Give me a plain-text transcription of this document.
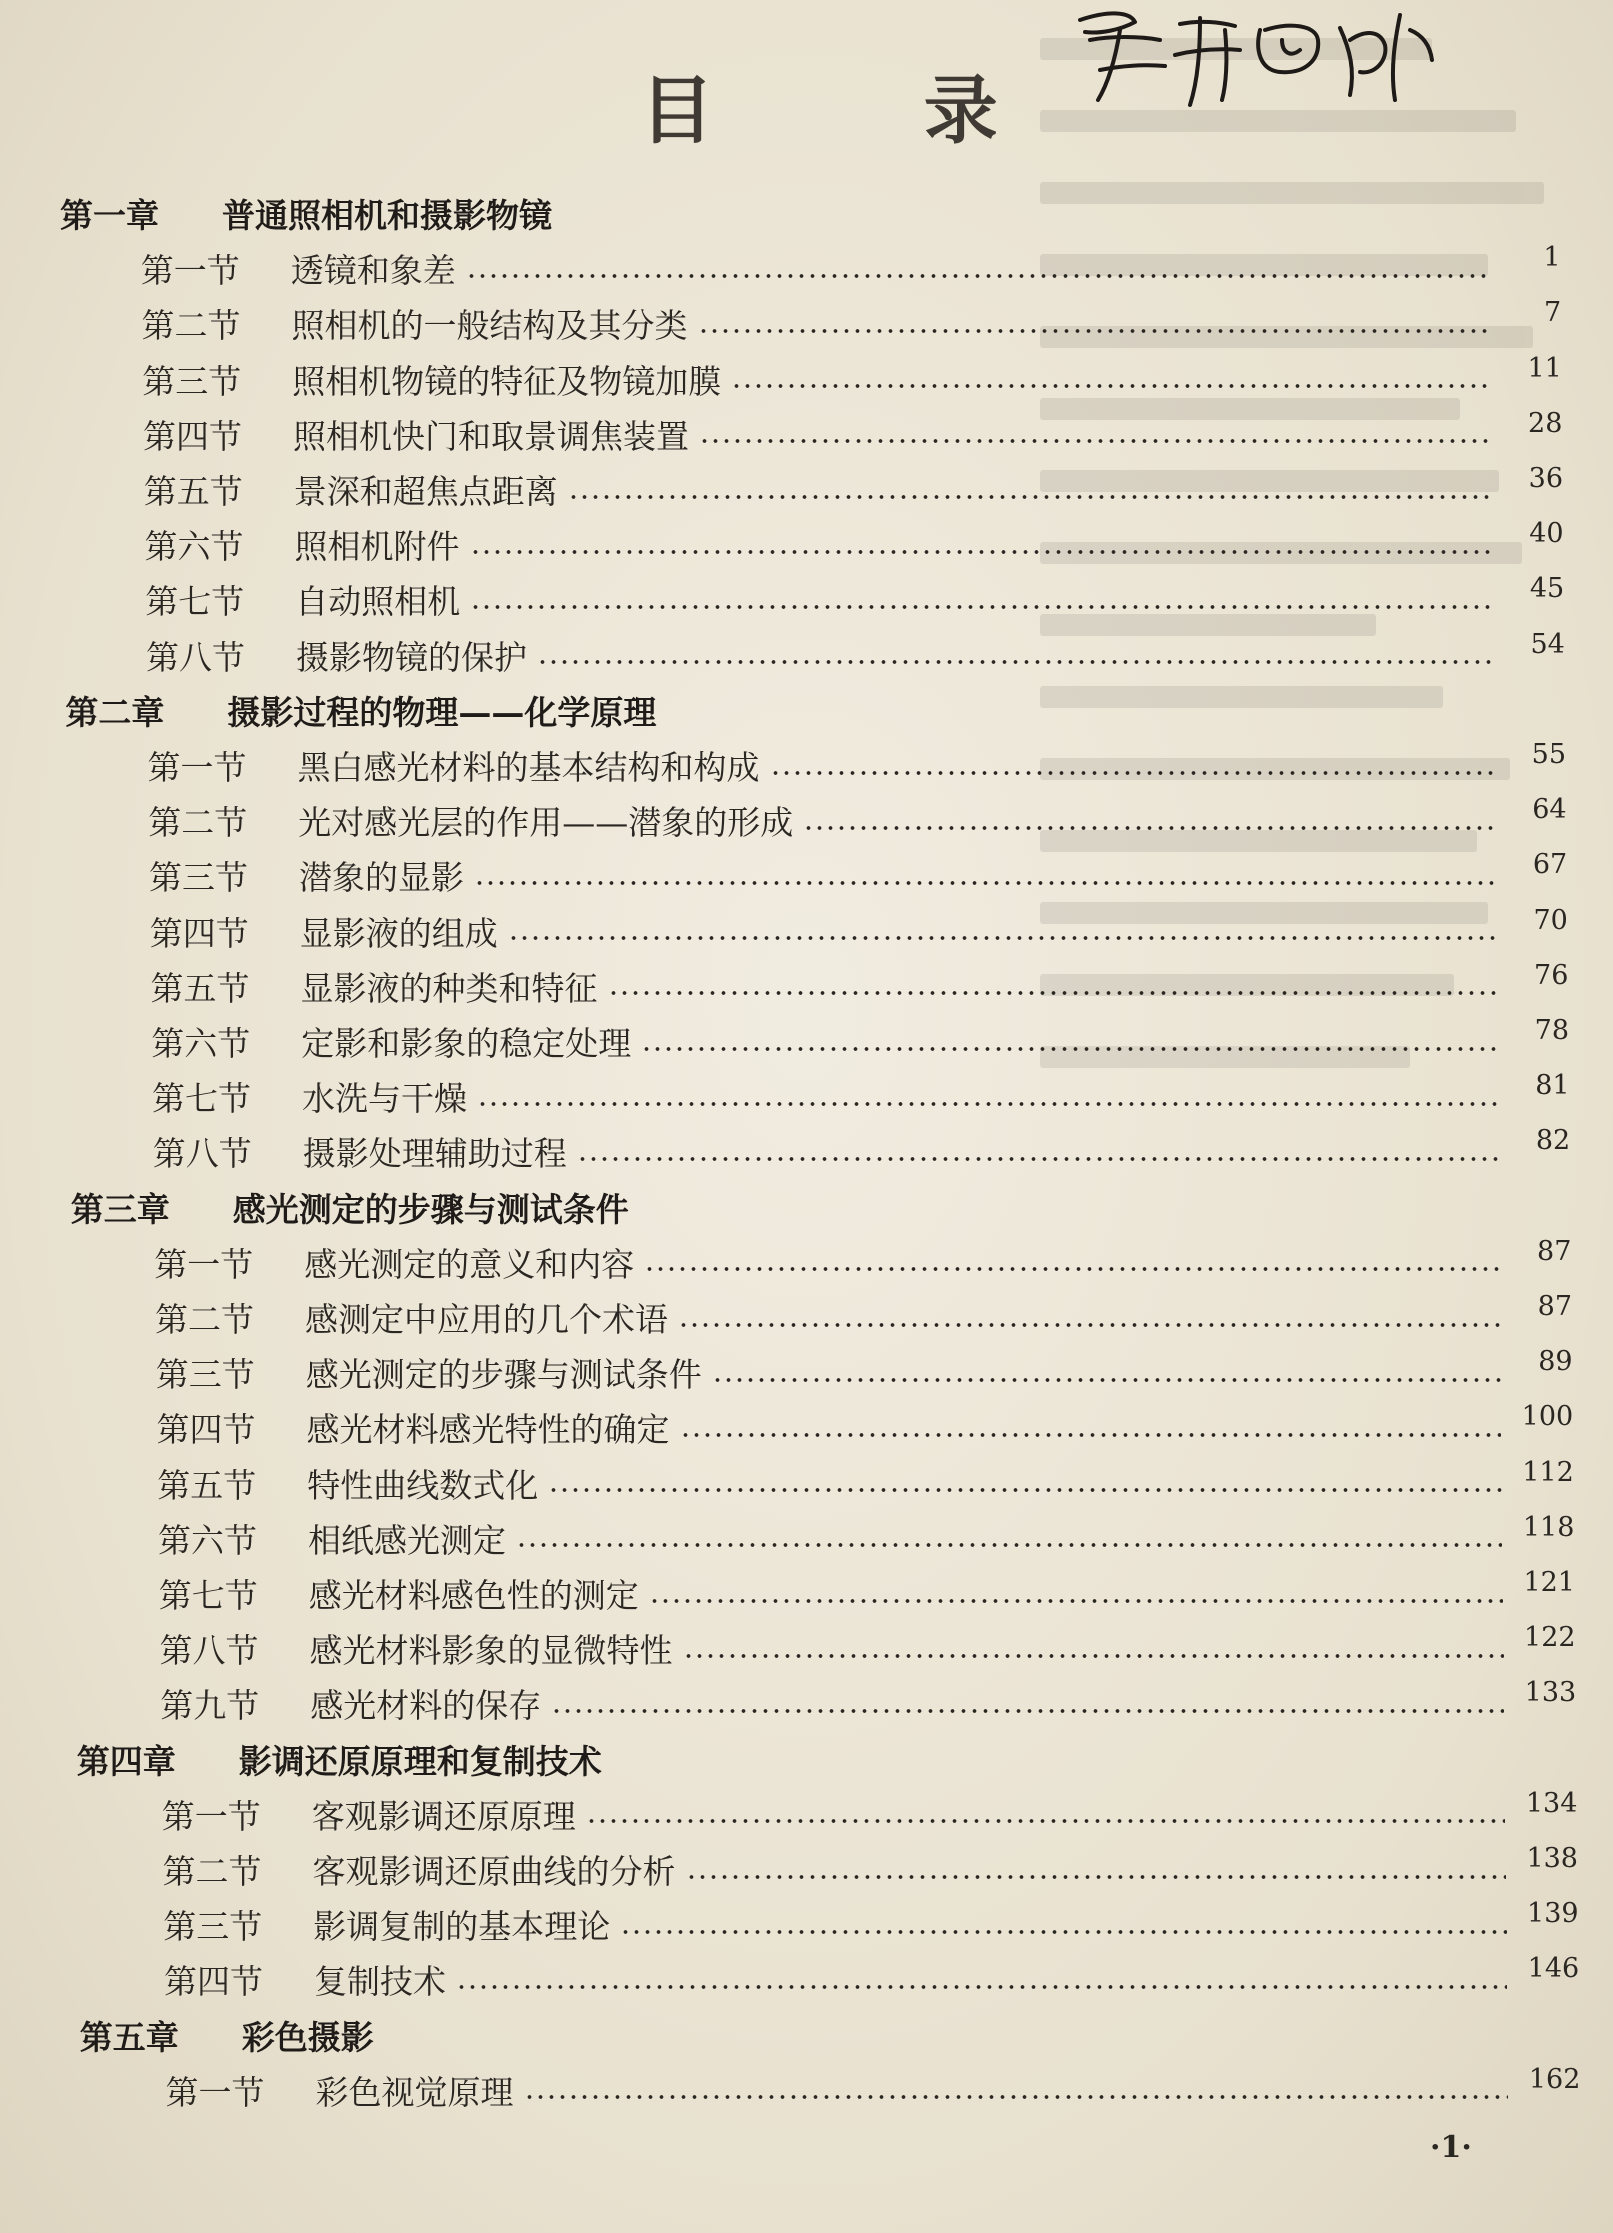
目 录
第一章	普通照相机和摄影物镜
第一节	透镜和象差	1
第二节	照相机的一般结构及其分类	7
第三节	照相机物镜的特征及物镜加膜	11
第四节	照相机快门和取景调焦装置	28
第五节	景深和超焦点距离	36
第六节	照相机附件	40
第七节	自动照相机	45
第八节	摄影物镜的保护	54
第二章	摄影过程的物理——化学原理
第一节	黑白感光材料的基本结构和构成	55
第二节	光对感光层的作用——潜象的形成	64
第三节	潜象的显影	67
第四节	显影液的组成	70
第五节	显影液的种类和特征	76
第六节	定影和影象的稳定处理	78
第七节	水洗与干燥	81
第八节	摄影处理辅助过程	82
第三章	感光测定的步骤与测试条件
第一节	感光测定的意义和内容	87
第二节	感测定中应用的几个术语	87
第三节	感光测定的步骤与测试条件	89
第四节	感光材料感光特性的确定	100
第五节	特性曲线数式化	112
第六节	相纸感光测定	118
第七节	感光材料感色性的测定	121
第八节	感光材料影象的显微特性	122
第九节	感光材料的保存	133
第四章	影调还原原理和复制技术
第一节	客观影调还原原理	134
第二节	客观影调还原曲线的分析	138
第三节	影调复制的基本理论	139
第四节	复制技术	146
第五章	彩色摄影
第一节	彩色视觉原理	162
·1·
